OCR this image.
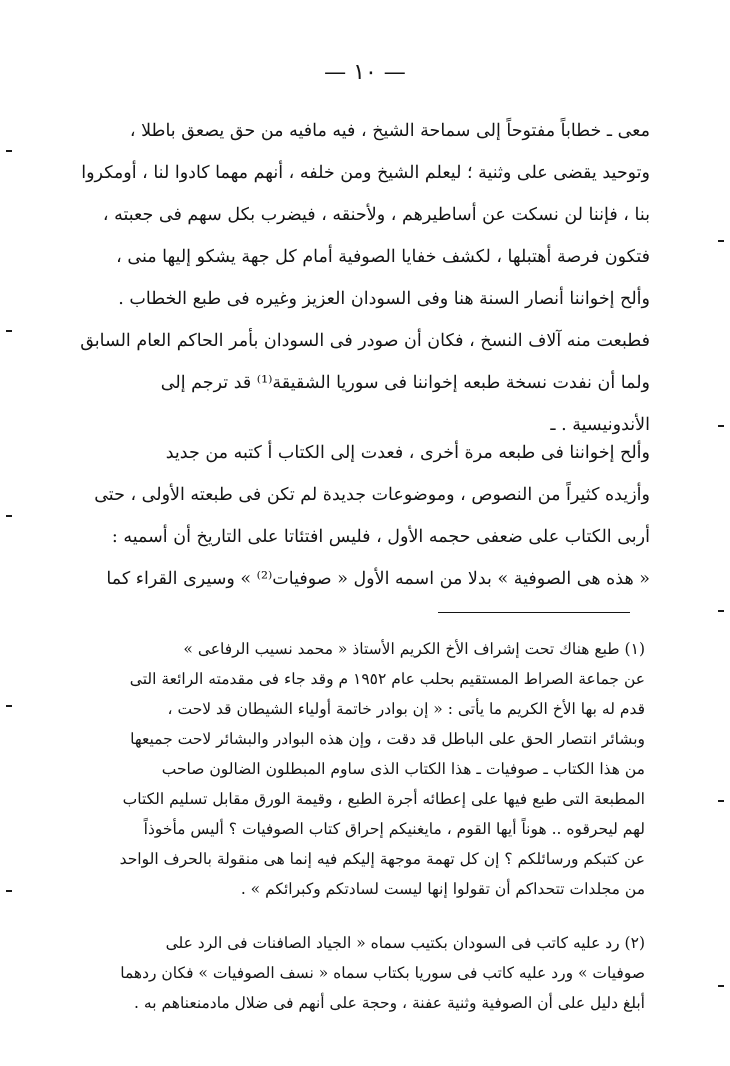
— ١٠ —
معى ـ خطاباً مفتوحاً إلى سماحة الشيخ ، فيه مافيه من حق يصعق باطلا ،
وتوحيد يقضى على وثنية ؛ ليعلم الشيخ ومن خلفه ، أنهم مهما كادوا لنا ، أومكروا
بنا ، فإننا لن نسكت عن أساطيرهم ، ولأحنقه ، فيضرب بكل سهم فى جعبته ،
فتكون فرصة أهتبلها ، لكشف خفايا الصوفية أمام كل جهة يشكو إليها منى ،
وألح إخواننا أنصار السنة هنا وفى السودان العزيز وغيره فى طبع الخطاب .
فطبعت منه آلاف النسخ ، فكان أن صودر فى السودان بأمر الحاكم العام السابق
ولما أن نفدت نسخة طبعه إخواننا فى سوريا الشقيقة⁽¹⁾ قد ترجم إلى
الأندونيسية . ـ
وألح إخواننا فى طبعه مرة أخرى ، فعدت إلى الكتاب أ كتبه من جديد
وأزيده كثيراً من النصوص ، وموضوعات جديدة لم تكن فى طبعته الأولى ، حتى
أربى الكتاب على ضعفى حجمه الأول ، فليس افتئاتا على التاريخ أن أسميه :
« هذه هى الصوفية » بدلا من اسمه الأول « صوفيات⁽²⁾ » وسيرى القراء كما
(١) طبع هناك تحت إشراف الأخ الكريم الأستاذ « محمد نسيب الرفاعى »
عن جماعة الصراط المستقيم بحلب عام ١٩٥٢ م وقد جاء فى مقدمته الرائعة التى
قدم له بها الأخ الكريم ما يأتى : « إن بوادر خاتمة أولياء الشيطان قد لاحت ،
وبشائر انتصار الحق على الباطل قد دقت ، وإن هذه البوادر والبشائر لاحت جميعها
من هذا الكتاب ـ صوفيات ـ هذا الكتاب الذى ساوم المبطلون الضالون صاحب
المطبعة التى طبع فيها على إعطائه أجرة الطبع ، وقيمة الورق مقابل تسليم الكتاب
لهم ليحرقوه .. هوناً أيها القوم ، مايغنيكم إحراق كتاب الصوفيات ؟ أليس مأخوذاً
عن كتبكم ورسائلكم ؟ إن كل تهمة موجهة إليكم فيه إنما هى منقولة بالحرف الواحد
من مجلدات تتحداكم أن تقولوا إنها ليست لسادتكم وكبرائكم » .
(٢) رد عليه كاتب فى السودان بكتيب سماه « الجياد الصافنات فى الرد على
صوفيات » ورد عليه كاتب فى سوريا بكتاب سماه « نسف الصوفيات » فكان ردهما
أبلغ دليل على أن الصوفية وثنية عفنة ، وحجة على أنهم فى ضلال مادمنعناهم به .
